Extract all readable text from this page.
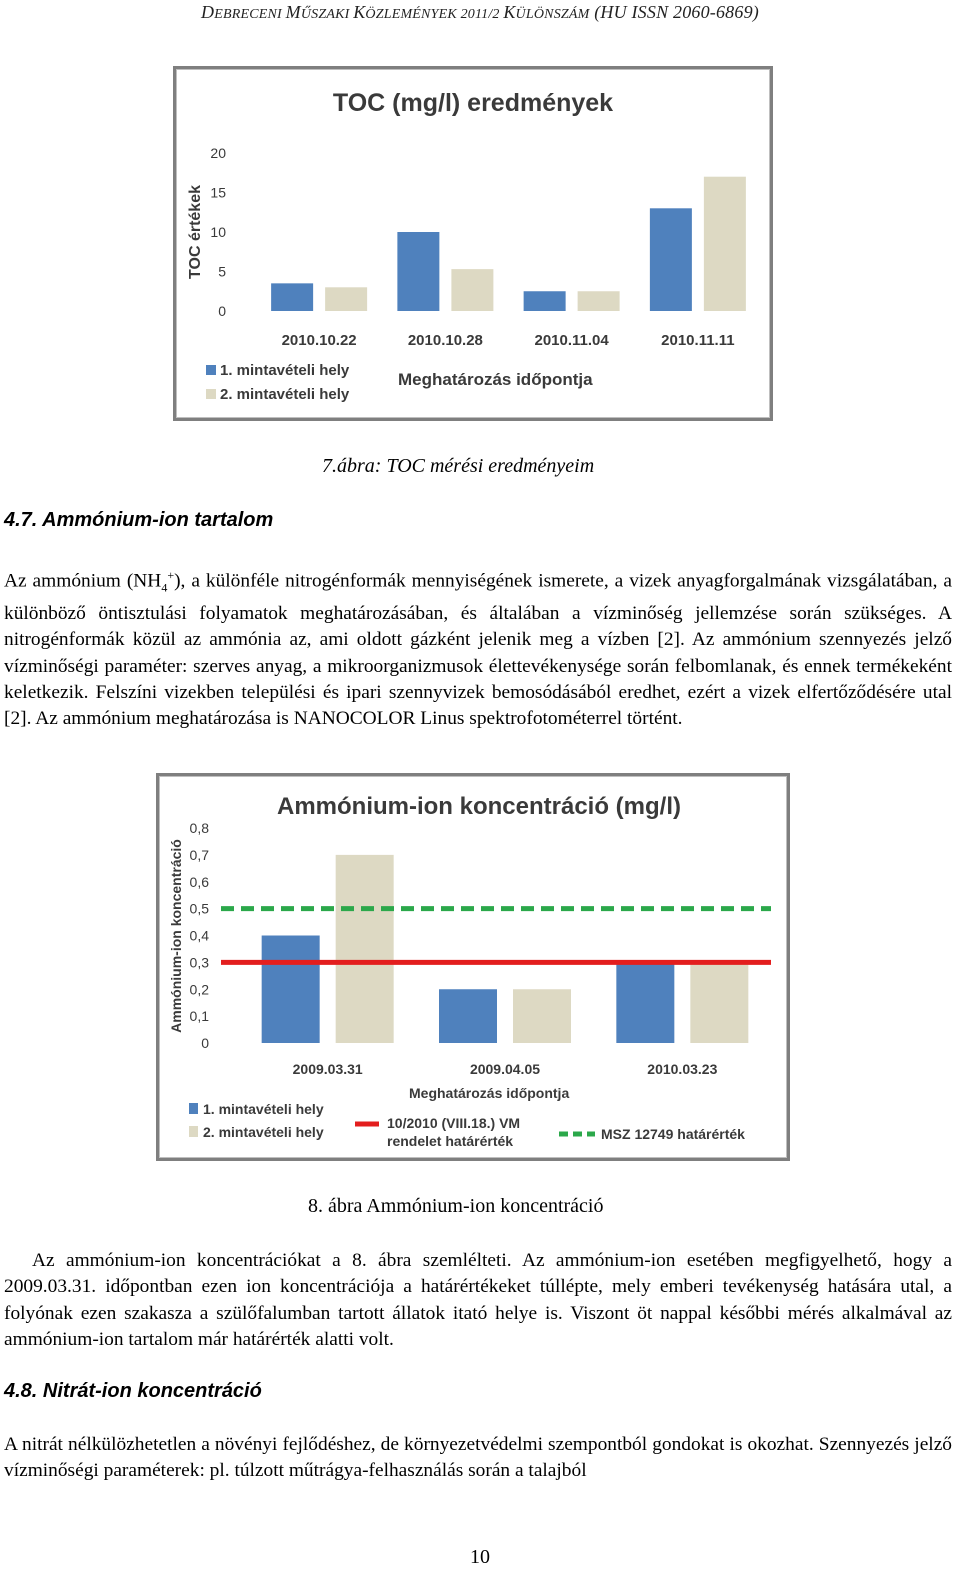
DEBRECENI MŰSZAKI KÖZLEMÉNYEK 2011/2 KÜLÖNSZÁM (HU ISSN 2060-6869)
TOC (mg/l) eredmények
TOC értékek
0
5
10
15
20
2010.10.22	2010.10.28	2010.11.04	2010.11.11
1. mintavételi hely
2. mintavételi hely
Meghatározás időpontja
7.ábra: TOC mérési eredményeim
4.7. Ammónium-ion tartalom

Az ammónium $(NH_4^+)$, a különféle nitrogénformák mennyiségének ismerete, a vizek anyagforgalmának vizsgálatában, a különböző öntisztulási folyamatok meghatározásában, és általában a vízminőség jellemzése során szükséges. A nitrogénformák közül az ammónia az, ami oldott gázként jelenik meg a vízben [2]. Az ammónium szennyezés jelző vízminőségi paraméter: szerves anyag, a mikroorganizmusok élettevékenysége során felbomlanak, és ennek termékeként keletkezik. Felszíni vizekben települési és ipari szennyvizek bemosódásából eredhet, ezért a vizek elfertőződésére utal [2]. Az ammónium meghatározása is NANOCOLOR Linus spektrofotométerrel történt.

Ammónium-ion koncentráció (mg/l)
Ammónium-ion koncentráció
0
0,1
0,2
0,3
0,4
0,5
0,6
0,7
0,8
2009.03.31	2009.04.05	2010.03.23
Meghatározás időpontja
1. mintavételi hely
2. mintavételi hely
10/2010 (VIII.18.) VM
rendelet határérték	MSZ 12749 határérték
8. ábra Ammónium-ion koncentráció

Az ammónium-ion koncentrációkat a 8. ábra szemlélteti. Az ammónium-ion esetében megfigyelhető, hogy a 2009.03.31. időpontban ezen ion koncentrációja a határértékeket túllépte, mely emberi tevékenység hatására utal, a folyónak ezen szakasza a szülőfalumban tartott állatok itató helye is. Viszont öt nappal későbbi mérés alkalmával az ammónium-ion tartalom már határérték alatti volt.

4.8. Nitrát-ion koncentráció

A nitrát nélkülözhetetlen a növényi fejlődéshez, de környezetvédelmi szempontból gondokat is okozhat. Szennyezés jelző vízminőségi paraméterek: pl. túlzott műtrágya-felhasználás során a talajból

10
